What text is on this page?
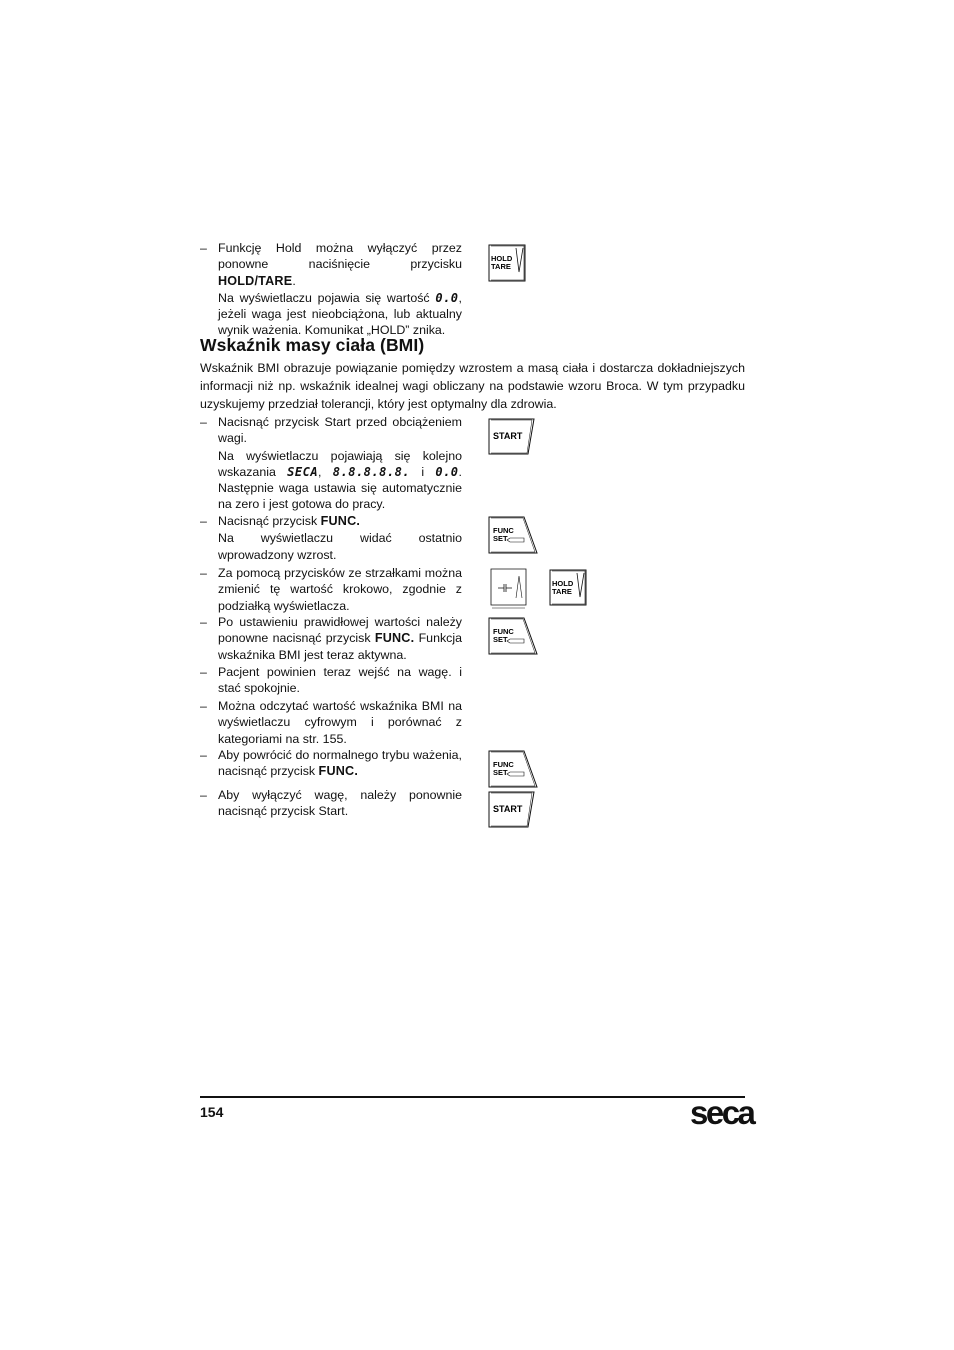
– Funkcję Hold można wyłączyć przez ponowne naciśnięcie przycisku HOLD/TARE.

Na wyświetlaczu pojawia się wartość 0.0, jeżeli waga jest nieobciążona, lub aktualny wynik ważenia. Komunikat „HOLD” znika.

HOLD
TARE
Wskaźnik masy ciała (BMI)
Wskaźnik BMI obrazuje powiązanie pomiędzy wzrostem a masą ciała i dostarcza dokładniejszych informacji niż np. wskaźnik idealnej wagi obliczany na podstawie wzoru Broca. W tym przypadku uzyskujemy przedział tolerancji, który jest optymalny dla zdrowia.
– Nacisnąć przycisk Start przed obciążeniem wagi.

Na wyświetlaczu pojawiają się kolejno wskazania SECA, 8.8.8.8.8. i 0.0. Następnie waga ustawia się automatycznie na zero i jest gotowa do pracy.

START
– Nacisnąć przycisk FUNC.

Na wyświetlaczu widać ostatnio wprowadzony wzrost.

FUNC
SET
– Za pomocą przycisków ze strzałkami można zmienić tę wartość krokowo, zgodnie z podziałką wyświetlacza.

HOLD
TARE
– Po ustawieniu prawidłowej wartości należy ponowne nacisnąć przycisk FUNC. Funkcja wskaźnika BMI jest teraz aktywna.

FUNC
SET
– Pacjent powinien teraz wejść na wagę. i stać spokojnie.

– Można odczytać wartość wskaźnika BMI na wyświetlaczu cyfrowym i porównać z kategoriami na str. 155.

– Aby powrócić do normalnego trybu ważenia, nacisnąć przycisk FUNC.	FUNC
SET
– Aby wyłączyć wagę, należy ponownie nacisnąć przycisk Start.	START
154	seca
